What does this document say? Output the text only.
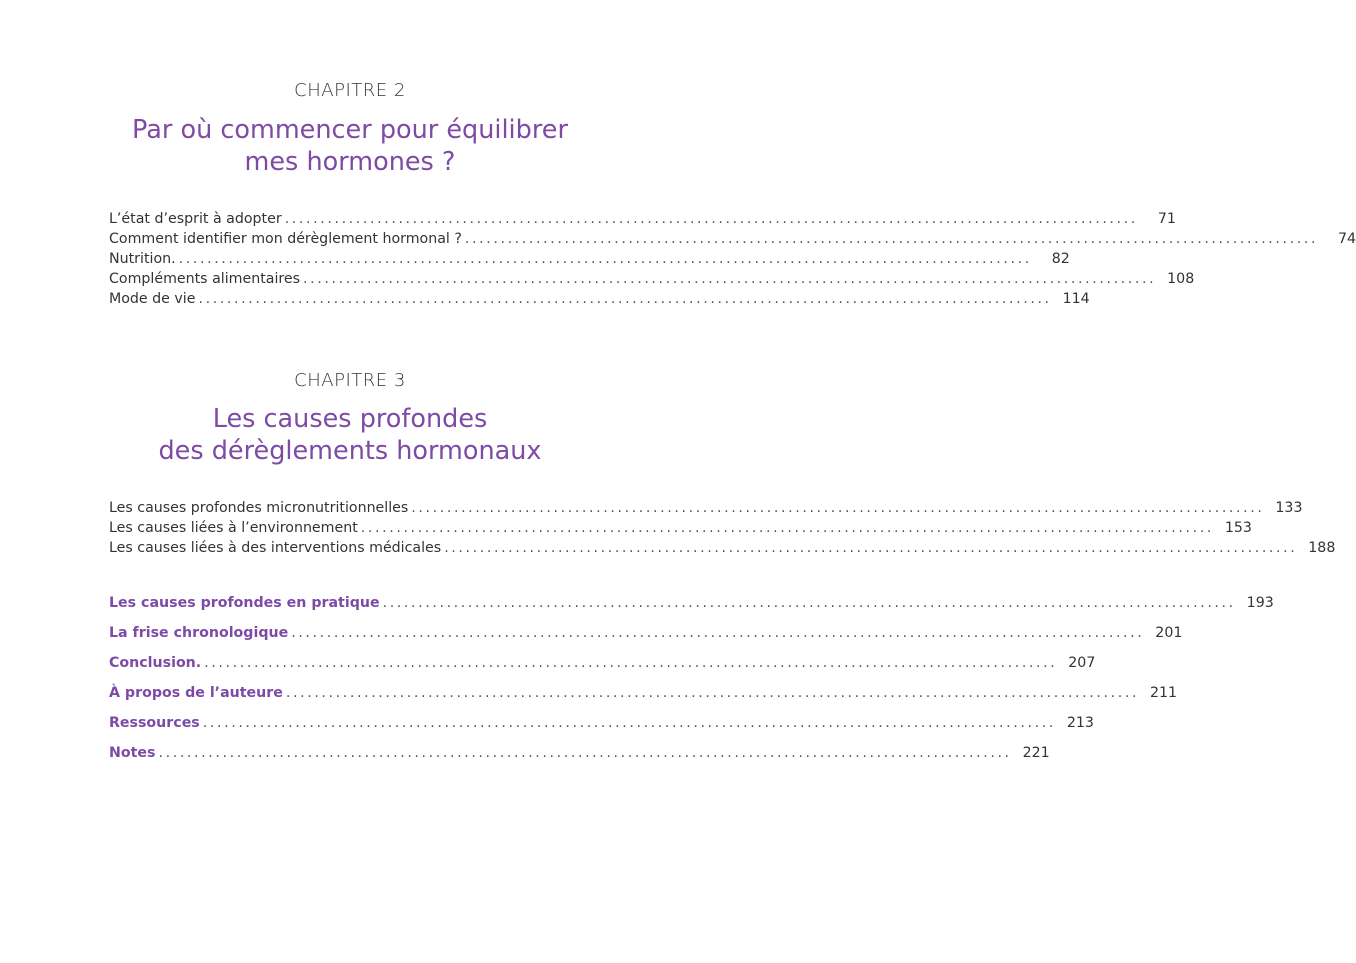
CHAPITRE 2
Par où commencer pour équilibrer
mes hormones ?
L’état d’esprit à adopter ........................................................................................................................	71
Comment identifier mon dérèglement hormonal ? ........................................................................................................................	74
Nutrition. ........................................................................................................................	82
Compléments alimentaires ........................................................................................................................ 108
Mode de vie ........................................................................................................................ 114
CHAPITRE 3
Les causes profondes
des dérèglements hormonaux
Les causes profondes micronutritionnelles ........................................................................................................................ 133
Les causes liées à l’environnement ........................................................................................................................ 153
Les causes liées à des interventions médicales ........................................................................................................................ 188
Les causes profondes en pratique ........................................................................................................................ 193
La frise chronologique ........................................................................................................................ 201
Conclusion. ........................................................................................................................ 207
À propos de l’auteure ........................................................................................................................ 211
Ressources ........................................................................................................................ 213
Notes ........................................................................................................................ 221
